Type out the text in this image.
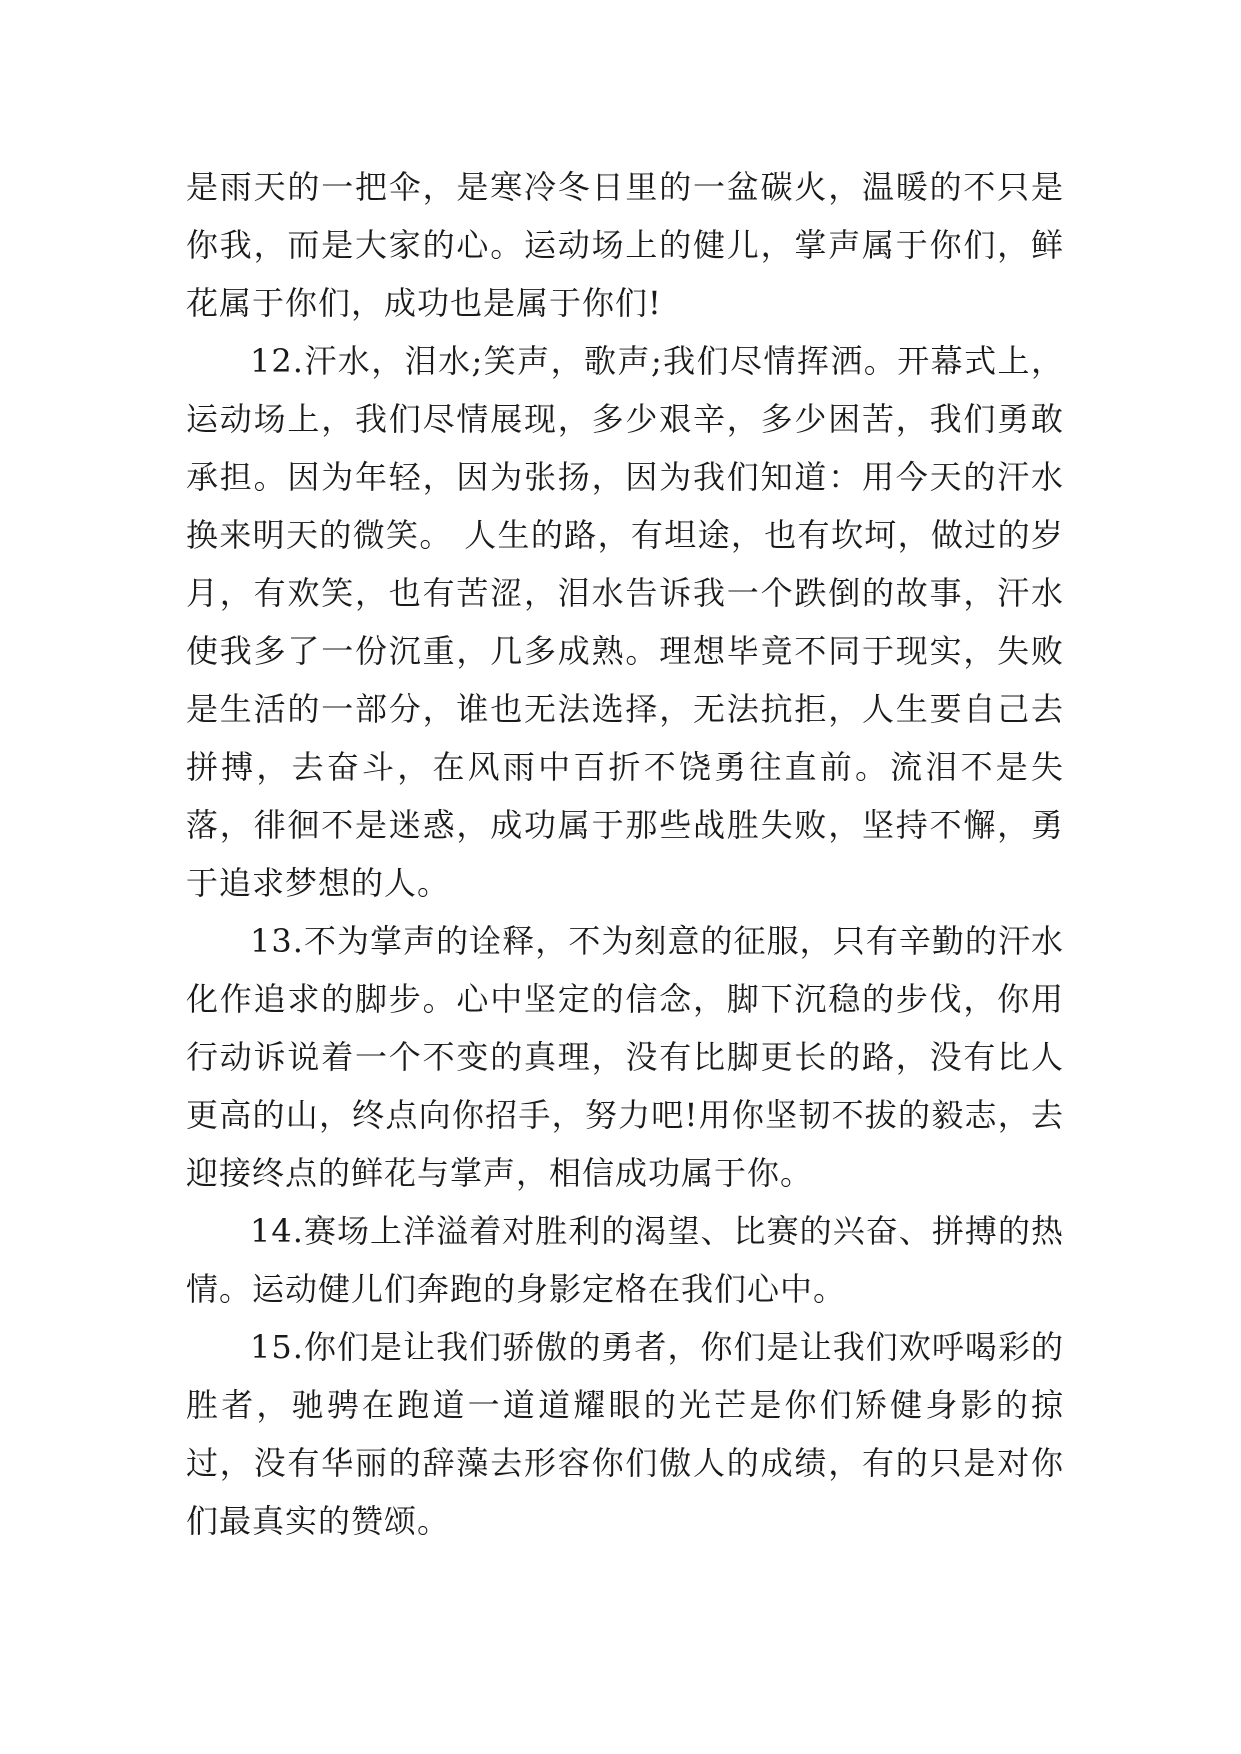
是雨天的一把伞，是寒冷冬日里的一盆碳火，温暖的不只是你我，而是大家的心。运动场上的健儿，掌声属于你们，鲜花属于你们，成功也是属于你们!

12.汗水，泪水;笑声，歌声;我们尽情挥洒。开幕式上，运动场上，我们尽情展现，多少艰辛，多少困苦，我们勇敢承担。因为年轻，因为张扬，因为我们知道：用今天的汗水换来明天的微笑。 人生的路，有坦途，也有坎坷，做过的岁月，有欢笑，也有苦涩，泪水告诉我一个跌倒的故事，汗水使我多了一份沉重，几多成熟。理想毕竟不同于现实，失败是生活的一部分，谁也无法选择，无法抗拒，人生要自己去拼搏，去奋斗，在风雨中百折不饶勇往直前。流泪不是失落，徘徊不是迷惑，成功属于那些战胜失败，坚持不懈，勇于追求梦想的人。

13.不为掌声的诠释，不为刻意的征服，只有辛勤的汗水化作追求的脚步。心中坚定的信念，脚下沉稳的步伐，你用行动诉说着一个不变的真理，没有比脚更长的路，没有比人更高的山，终点向你招手，努力吧!用你坚韧不拔的毅志，去迎接终点的鲜花与掌声，相信成功属于你。

14.赛场上洋溢着对胜利的渴望、比赛的兴奋、拼搏的热情。运动健儿们奔跑的身影定格在我们心中。

15.你们是让我们骄傲的勇者，你们是让我们欢呼喝彩的胜者，驰骋在跑道一道道耀眼的光芒是你们矫健身影的掠过，没有华丽的辞藻去形容你们傲人的成绩，有的只是对你们最真实的赞颂。
